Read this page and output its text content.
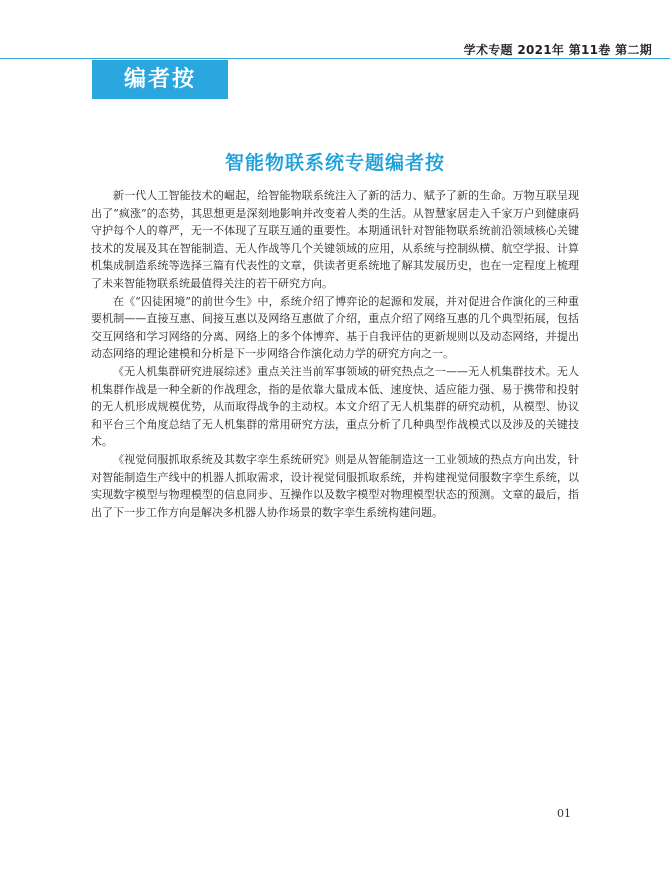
学术专题 2021年 第11卷 第二期
编者按
智能物联系统专题编者按

新一代人工智能技术的崛起，给智能物联系统注入了新的活力、赋予了新的生命。万物互联呈现出了“疯涨”的态势，其思想更是深刻地影响并改变着人类的生活。从智慧家居走入千家万户到健康码守护每个人的尊严，无一不体现了互联互通的重要性。本期通讯针对智能物联系统前沿领域核心关键技术的发展及其在智能制造、无人作战等几个关键领域的应用，从系统与控制纵横、航空学报、计算机集成制造系统等选择三篇有代表性的文章，供读者更系统地了解其发展历史，也在一定程度上梳理了未来智能物联系统最值得关注的若干研究方向。

在《“囚徒困境”的前世今生》中，系统介绍了博弈论的起源和发展，并对促进合作演化的三种重要机制——直接互惠、间接互惠以及网络互惠做了介绍，重点介绍了网络互惠的几个典型拓展，包括交互网络和学习网络的分离、网络上的多个体博弈、基于自我评估的更新规则以及动态网络，并提出动态网络的理论建模和分析是下一步网络合作演化动力学的研究方向之一。

《无人机集群研究进展综述》重点关注当前军事领域的研究热点之一——无人机集群技术。无人机集群作战是一种全新的作战理念，指的是依靠大量成本低、速度快、适应能力强、易于携带和投射的无人机形成规模优势，从而取得战争的主动权。本文介绍了无人机集群的研究动机，从模型、协议和平台三个角度总结了无人机集群的常用研究方法，重点分析了几种典型作战模式以及涉及的关键技术。

《视觉伺服抓取系统及其数字孪生系统研究》则是从智能制造这一工业领域的热点方向出发，针对智能制造生产线中的机器人抓取需求，设计视觉伺服抓取系统，并构建视觉伺服数字孪生系统，以实现数字模型与物理模型的信息同步、互操作以及数字模型对物理模型状态的预测。文章的最后，指出了下一步工作方向是解决多机器人协作场景的数字孪生系统构建问题。

01
